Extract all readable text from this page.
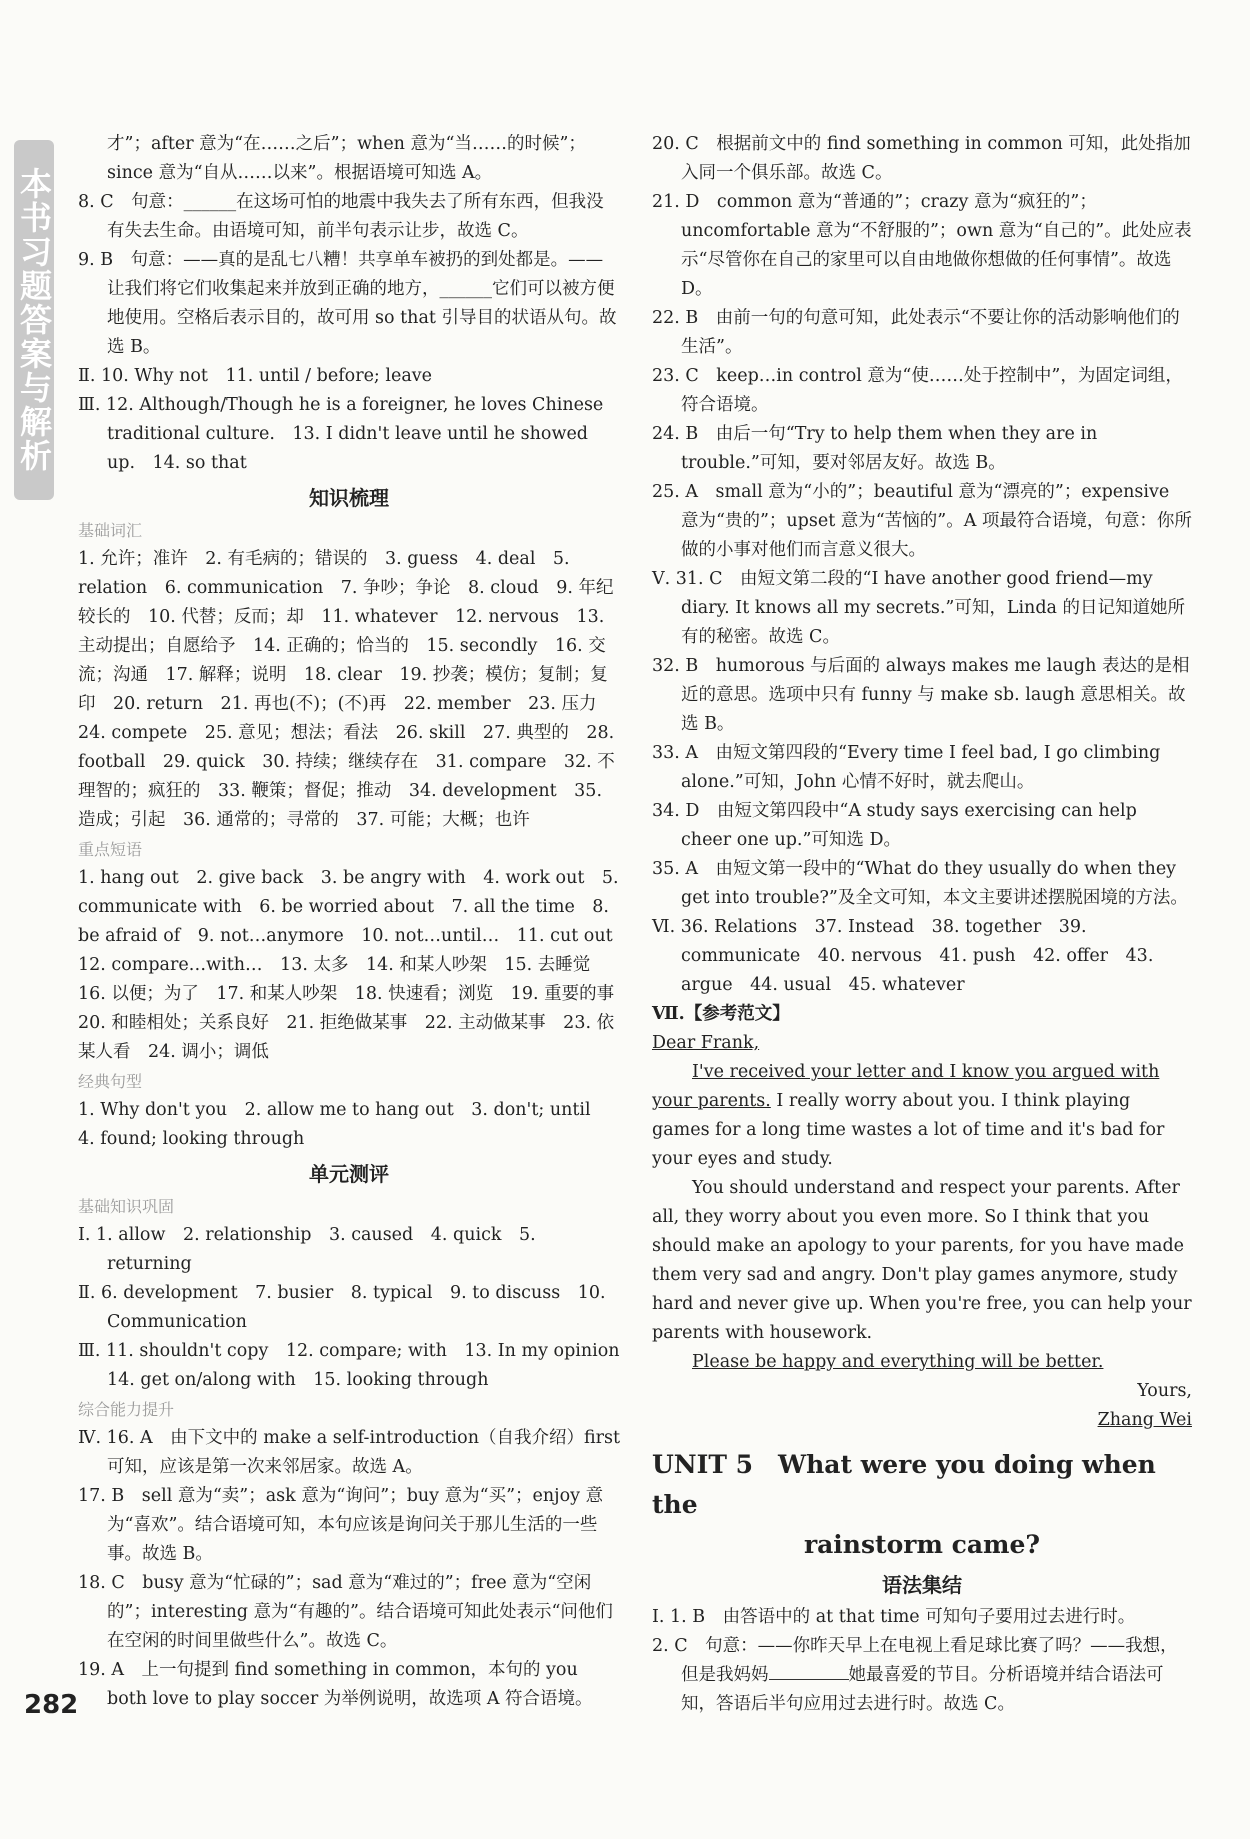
本书习题答案与解析

才”；after 意为“在……之后”；when 意为“当……的时候”；since 意为“自从……以来”。根据语境可知选 A。

8. C　句意：______在这场可怕的地震中我失去了所有东西，但我没有失去生命。由语境可知，前半句表示让步，故选 C。

9. B　句意：——真的是乱七八糟！共享单车被扔的到处都是。——让我们将它们收集起来并放到正确的地方，______它们可以被方便地使用。空格后表示目的，故可用 so that 引导目的状语从句。故选 B。

Ⅱ. 10. Why not　11. until / before; leave

Ⅲ. 12. Although/Though he is a foreigner, he loves Chinese traditional culture.　13. I didn't leave until he showed up.　14. so that

知识梳理
基础词汇

1. 允许；准许　2. 有毛病的；错误的　3. guess　4. deal　5. relation　6. communication　7. 争吵；争论　8. cloud　9. 年纪较长的　10. 代替；反而；却　11. whatever　12. nervous　13. 主动提出；自愿给予　14. 正确的；恰当的　15. secondly　16. 交流；沟通　17. 解释；说明　18. clear　19. 抄袭；模仿；复制；复印　20. return　21. 再也(不)；(不)再　22. member　23. 压力　24. compete　25. 意见；想法；看法　26. skill　27. 典型的　28. football　29. quick　30. 持续；继续存在　31. compare　32. 不理智的；疯狂的　33. 鞭策；督促；推动　34. development　35. 造成；引起　36. 通常的；寻常的　37. 可能；大概；也许

重点短语

1. hang out　2. give back　3. be angry with　4. work out　5. communicate with　6. be worried about　7. all the time　8. be afraid of　9. not…anymore　10. not…until…　11. cut out　12. compare…with…　13. 太多　14. 和某人吵架　15. 去睡觉　16. 以便；为了　17. 和某人吵架　18. 快速看；浏览　19. 重要的事　20. 和睦相处；关系良好　21. 拒绝做某事　22. 主动做某事　23. 依某人看　24. 调小；调低

经典句型

1. Why don't you　2. allow me to hang out　3. don't; until　4. found; looking through

单元测评
基础知识巩固

Ⅰ. 1. allow　2. relationship　3. caused　4. quick　5. returning

Ⅱ. 6. development　7. busier　8. typical　9. to discuss　10. Communication

Ⅲ. 11. shouldn't copy　12. compare; with　13. In my opinion　14. get on/along with　15. looking through

综合能力提升

Ⅳ. 16. A　由下文中的 make a self-introduction（自我介绍）first 可知，应该是第一次来邻居家。故选 A。

17. B　sell 意为“卖”；ask 意为“询问”；buy 意为“买”；enjoy 意为“喜欢”。结合语境可知，本句应该是询问关于那儿生活的一些事。故选 B。

18. C　busy 意为“忙碌的”；sad 意为“难过的”；free 意为“空闲的”；interesting 意为“有趣的”。结合语境可知此处表示“问他们在空闲的时间里做些什么”。故选 C。

19. A　上一句提到 find something in common，本句的 you both love to play soccer 为举例说明，故选项 A 符合语境。

20. C　根据前文中的 find something in common 可知，此处指加入同一个俱乐部。故选 C。

21. D　common 意为“普通的”；crazy 意为“疯狂的”；uncomfortable 意为“不舒服的”；own 意为“自己的”。此处应表示“尽管你在自己的家里可以自由地做你想做的任何事情”。故选 D。

22. B　由前一句的句意可知，此处表示“不要让你的活动影响他们的生活”。

23. C　keep…in control 意为“使……处于控制中”，为固定词组，符合语境。

24. B　由后一句“Try to help them when they are in trouble.”可知，要对邻居友好。故选 B。

25. A　small 意为“小的”；beautiful 意为“漂亮的”；expensive 意为“贵的”；upset 意为“苦恼的”。A 项最符合语境，句意：你所做的小事对他们而言意义很大。

Ⅴ. 31. C　由短文第二段的“I have another good friend—my diary. It knows all my secrets.”可知，Linda 的日记知道她所有的秘密。故选 C。

32. B　humorous 与后面的 always makes me laugh 表达的是相近的意思。选项中只有 funny 与 make sb. laugh 意思相关。故选 B。

33. A　由短文第四段的“Every time I feel bad, I go climbing alone.”可知，John 心情不好时，就去爬山。

34. D　由短文第四段中“A study says exercising can help cheer one up.”可知选 D。

35. A　由短文第一段中的“What do they usually do when they get into trouble?”及全文可知，本文主要讲述摆脱困境的方法。

Ⅵ. 36. Relations　37. Instead　38. together　39. communicate　40. nervous　41. push　42. offer　43. argue　44. usual　45. whatever

Ⅶ.【参考范文】

Dear Frank,

I've received your letter and I know you argued with your parents. I really worry about you. I think playing games for a long time wastes a lot of time and it's bad for your eyes and study.

You should understand and respect your parents. After all, they worry about you even more. So I think that you should make an apology to your parents, for you have made them very sad and angry. Don't play games anymore, study hard and never give up. When you're free, you can help your parents with housework.

Please be happy and everything will be better.

Yours,

Zhang Wei

UNIT 5　What were you doing when the
rainstorm came?
语法集结

Ⅰ. 1. B　由答语中的 at that time 可知句子要用过去进行时。

2. C　句意：——你昨天早上在电视上看足球比赛了吗？——我想，但是我妈妈	她最喜爱的节目。分析语境并结合语法可知，答语后半句应用过去进行时。故选 C。

282
